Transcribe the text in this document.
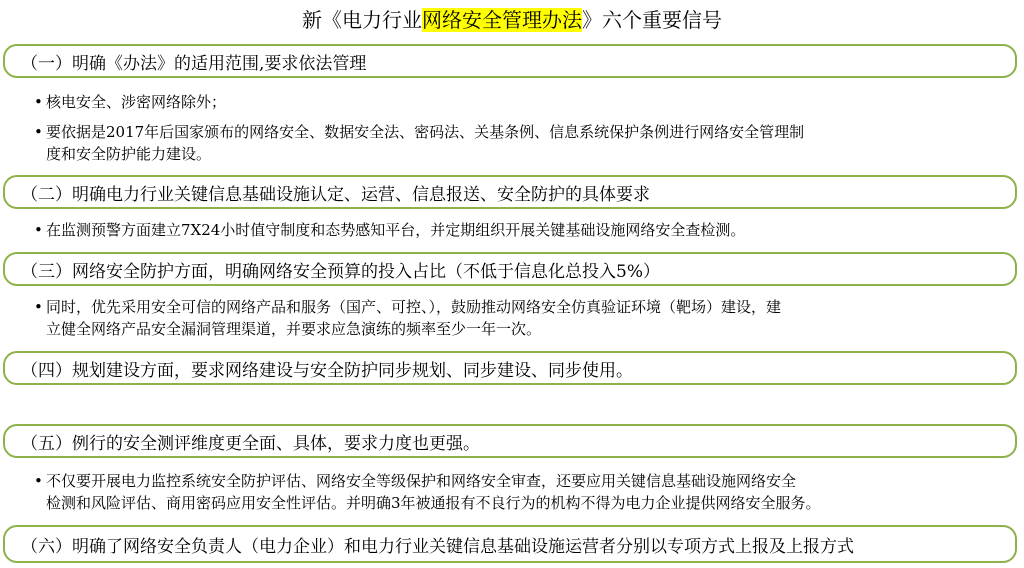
新《电力行业网络安全管理办法》六个重要信号
（一）明确《办法》的适用范围,要求依法管理
• 核电安全、涉密网络除外；
• 要依据是2017年后国家颁布的网络安全、数据安全法、密码法、关基条例、信息系统保护条例进行网络安全管理制
度和安全防护能力建设。
（二）明确电力行业关键信息基础设施认定、运营、信息报送、安全防护的具体要求
• 在监测预警方面建立7X24小时值守制度和态势感知平台，并定期组织开展关键基础设施网络安全查检测。
（三）网络安全防护方面，明确网络安全预算的投入占比（不低于信息化总投入5%）
• 同时，优先采用安全可信的网络产品和服务（国产、可控、），鼓励推动网络安全仿真验证环境（靶场）建设，建
立健全网络产品安全漏洞管理渠道，并要求应急演练的频率至少一年一次。
（四）规划建设方面，要求网络建设与安全防护同步规划、同步建设、同步使用。
（五）例行的安全测评维度更全面、具体，要求力度也更强。
• 不仅要开展电力监控系统安全防护评估、网络安全等级保护和网络安全审查，还要应用关键信息基础设施网络安全
检测和风险评估、商用密码应用安全性评估。并明确3年被通报有不良行为的机构不得为电力企业提供网络安全服务。
（六）明确了网络安全负责人（电力企业）和电力行业关键信息基础设施运营者分别以专项方式上报及上报方式
